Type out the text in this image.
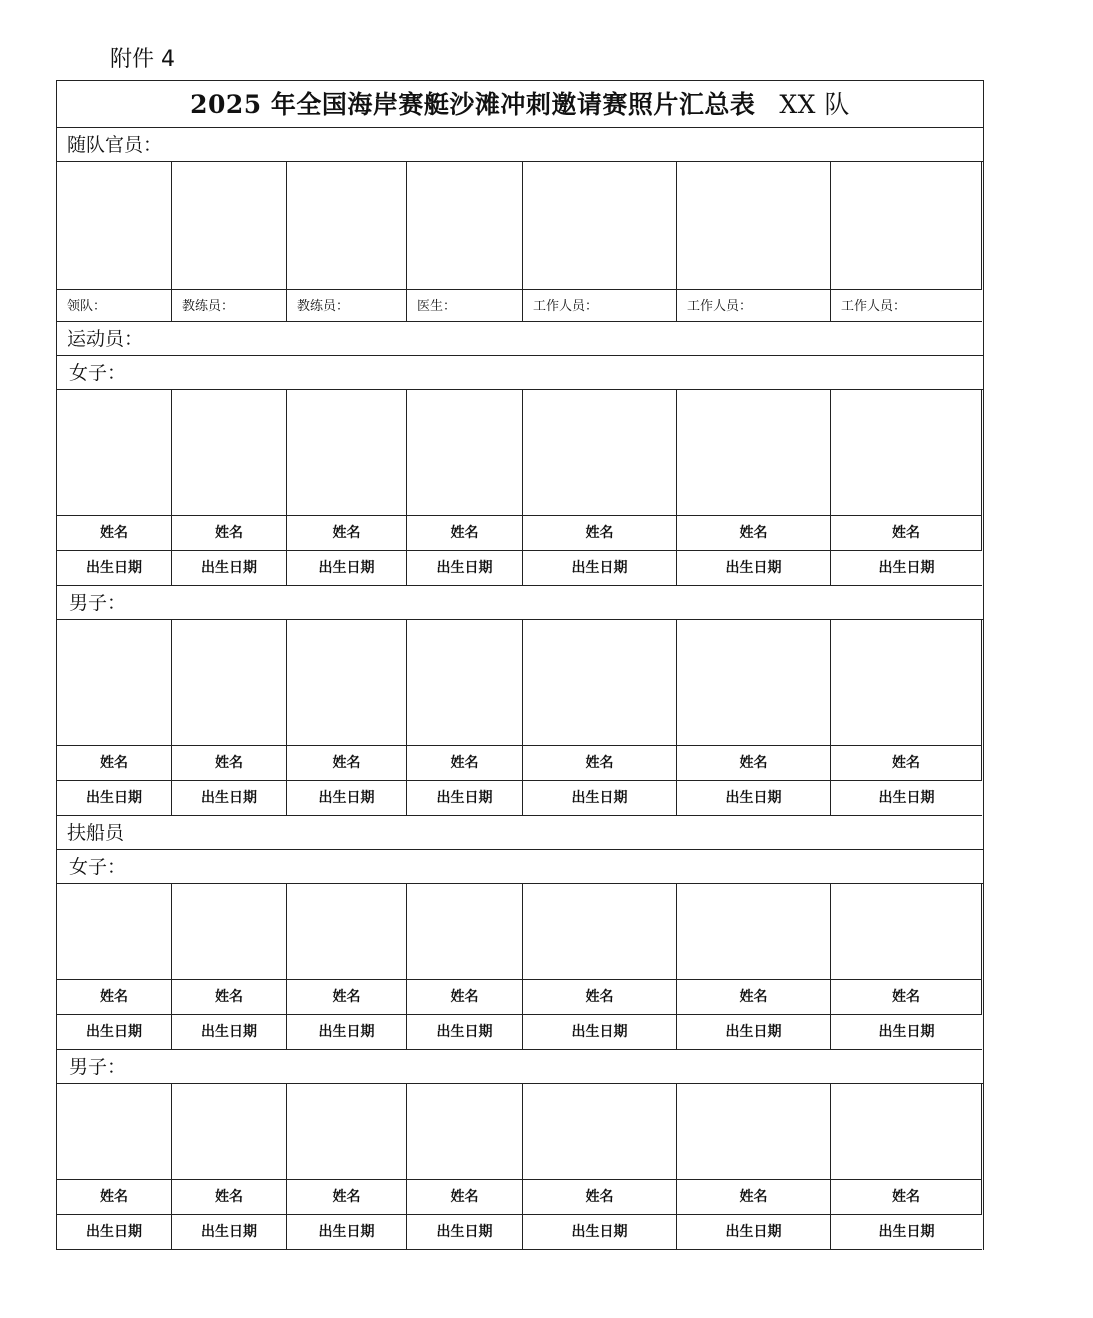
附件 4
2025 年全国海岸赛艇沙滩冲刺邀请赛照片汇总表 XX 队
随队官员：
领队：	教练员：	教练员：	医生：	工作人员：	工作人员：	工作人员：
运动员：
女子：
姓名	姓名	姓名	姓名	姓名	姓名	姓名
出生日期	出生日期	出生日期	出生日期	出生日期	出生日期	出生日期
男子：
姓名	姓名	姓名	姓名	姓名	姓名	姓名
出生日期	出生日期	出生日期	出生日期	出生日期	出生日期	出生日期
扶船员
女子：
姓名	姓名	姓名	姓名	姓名	姓名	姓名
出生日期	出生日期	出生日期	出生日期	出生日期	出生日期	出生日期
男子：
姓名	姓名	姓名	姓名	姓名	姓名	姓名
出生日期	出生日期	出生日期	出生日期	出生日期	出生日期	出生日期
